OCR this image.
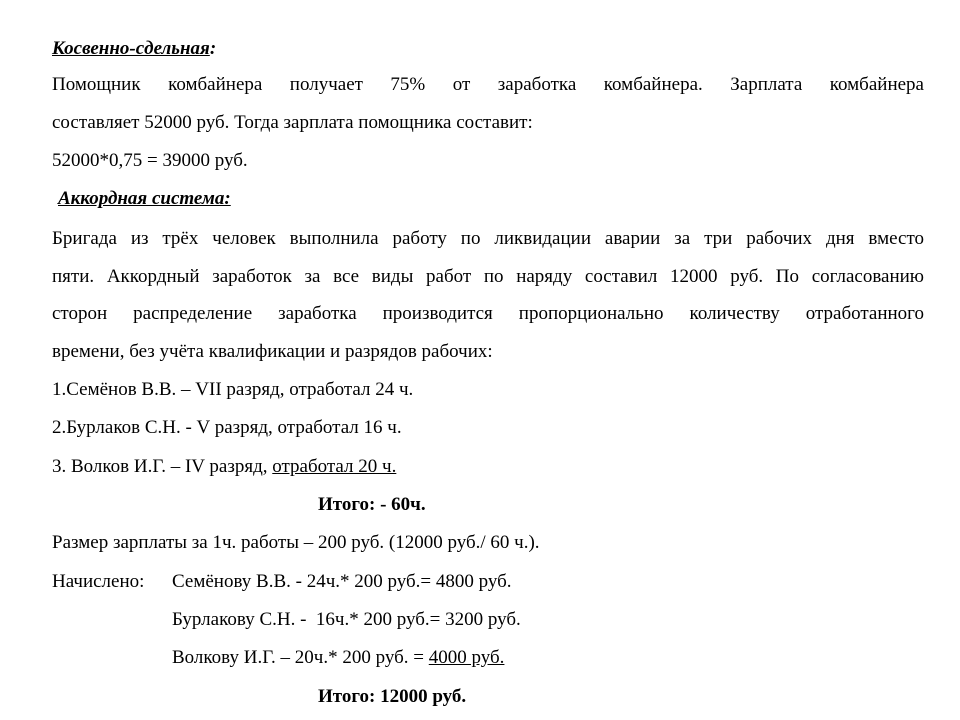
Косвенно-сдельная:
Помощник комбайнера получает 75% от заработка комбайнера. Зарплата комбайнера
составляет 52000 руб. Тогда зарплата помощника составит:
52000*0,75 = 39000 руб.
Аккордная система:
Бригада из трёх человек выполнила работу по ликвидации аварии за три рабочих дня вместо
пяти. Аккордный заработок за все виды работ по наряду составил 12000 руб. По согласованию
сторон распределение заработка производится пропорционально количеству отработанного
времени, без учёта квалификации и разрядов рабочих:
1.Семёнов В.В. – VII разряд, отработал 24 ч.
2.Бурлаков С.Н. - V разряд, отработал 16 ч.
3. Волков И.Г. – IV разряд, отработал 20 ч.
Итого: - 60ч.
Размер зарплаты за 1ч. работы – 200 руб. (12000 руб./ 60 ч.).
Начислено:	Семёнову В.В. - 24ч.* 200 руб.= 4800 руб.
Бурлакову С.Н. -  16ч.* 200 руб.= 3200 руб.
Волкову И.Г. – 20ч.* 200 руб. = 4000 руб.
Итого: 12000 руб.
